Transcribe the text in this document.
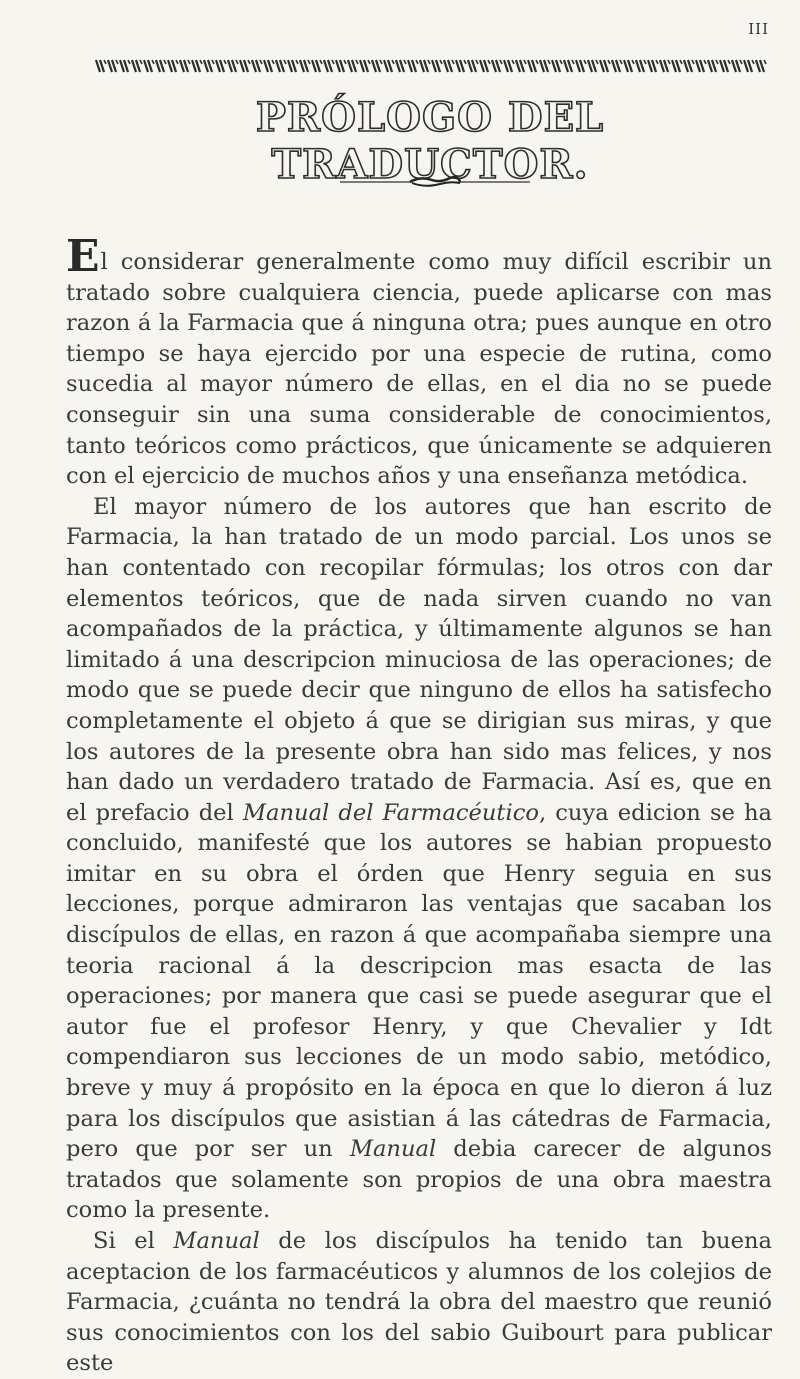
III
PRÓLOGO DEL TRADUCTOR.

El considerar generalmente como muy difícil escribir un tratado sobre cualquiera ciencia, puede aplicarse con mas razon á la Farmacia que á ninguna otra; pues aunque en otro tiempo se haya ejercido por una especie de rutina, como sucedia al mayor número de ellas, en el dia no se puede conseguir sin una suma considerable de conocimientos, tanto teóricos como prácticos, que únicamente se adquieren con el ejercicio de muchos años y una enseñanza metódica.

El mayor número de los autores que han escrito de Farmacia, la han tratado de un modo parcial. Los unos se han contentado con recopilar fórmulas; los otros con dar elementos teóricos, que de nada sirven cuando no van acompañados de la práctica, y últimamente algunos se han limitado á una descripcion minuciosa de las operaciones; de modo que se puede decir que ninguno de ellos ha satisfecho completamente el objeto á que se dirigian sus miras, y que los autores de la presente obra han sido mas felices, y nos han dado un verdadero tratado de Farmacia. Así es, que en el prefacio del Manual del Farmacéutico, cuya edicion se ha concluido, manifesté que los autores se habian propuesto imitar en su obra el órden que Henry seguia en sus lecciones, porque admiraron las ventajas que sacaban los discípulos de ellas, en razon á que acompañaba siempre una teoria racional á la descripcion mas esacta de las operaciones; por manera que casi se puede asegurar que el autor fue el profesor Henry, y que Chevalier y Idt compendiaron sus lecciones de un modo sabio, metódico, breve y muy á propósito en la época en que lo dieron á luz para los discípulos que asistian á las cátedras de Farmacia, pero que por ser un Manual debia carecer de algunos tratados que solamente son propios de una obra maestra como la presente.

Si el Manual de los discípulos ha tenido tan buena aceptacion de los farmacéuticos y alumnos de los colejios de Farmacia, ¿cuánta no tendrá la obra del maestro que reunió sus conocimientos con los del sabio Guibourt para publicar este
